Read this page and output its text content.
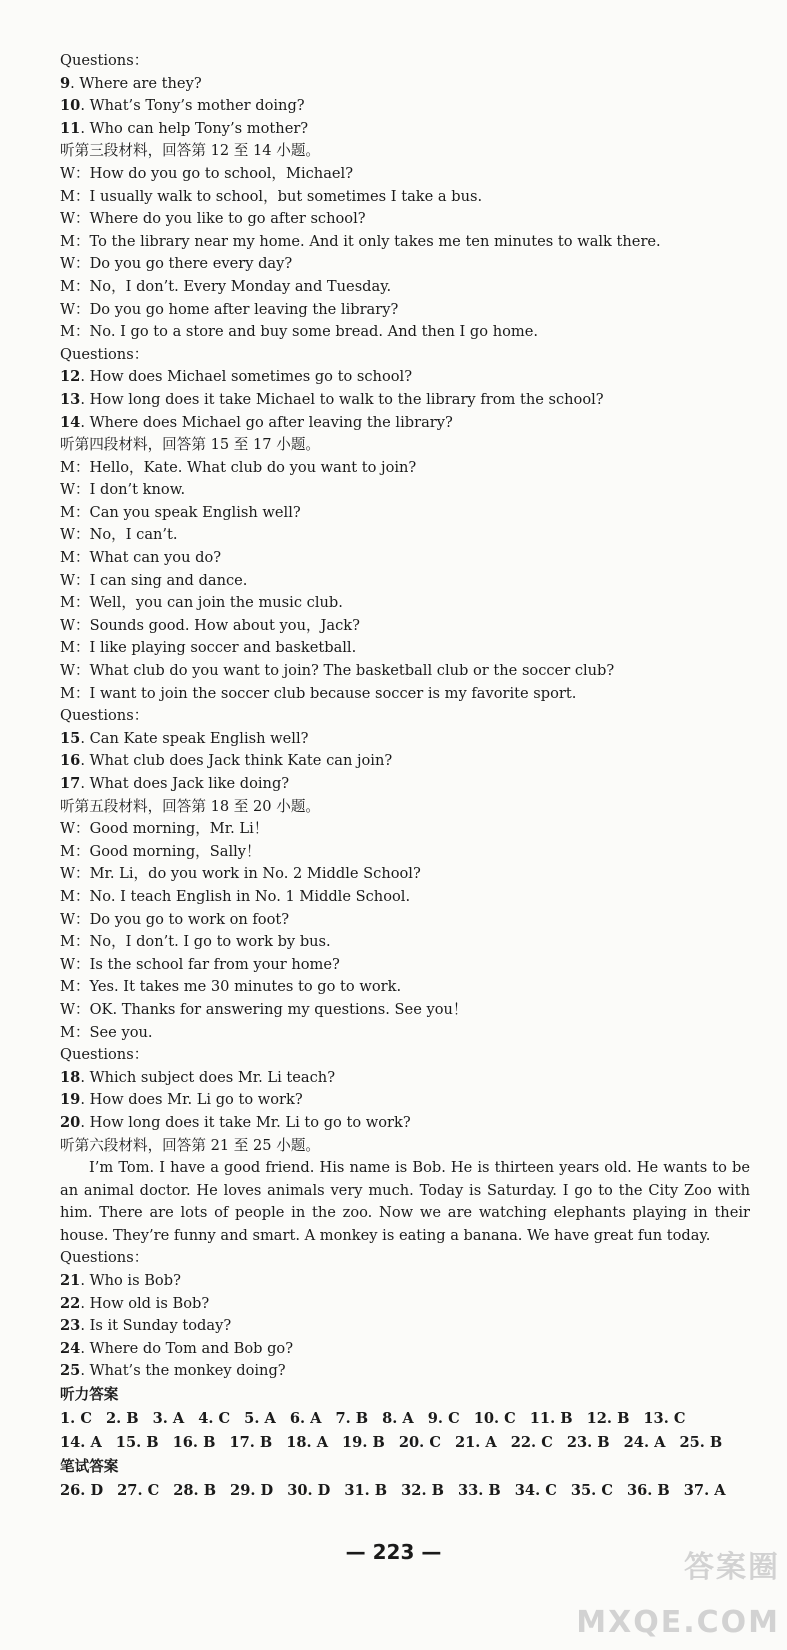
Questions：
9. Where are they?
10. What’s Tony’s mother doing?
11. Who can help Tony’s mother?
听第三段材料，回答第 12 至 14 小题。
W：How do you go to school，Michael?
M：I usually walk to school，but sometimes I take a bus.
W：Where do you like to go after school?
M：To the library near my home. And it only takes me ten minutes to walk there.
W：Do you go there every day?
M：No，I don’t. Every Monday and Tuesday.
W：Do you go home after leaving the library?
M：No. I go to a store and buy some bread. And then I go home.
Questions：
12. How does Michael sometimes go to school?
13. How long does it take Michael to walk to the library from the school?
14. Where does Michael go after leaving the library?
听第四段材料，回答第 15 至 17 小题。
M：Hello，Kate. What club do you want to join?
W：I don’t know.
M：Can you speak English well?
W：No，I can’t.
M：What can you do?
W：I can sing and dance.
M：Well，you can join the music club.
W：Sounds good. How about you，Jack?
M：I like playing soccer and basketball.
W：What club do you want to join? The basketball club or the soccer club?
M：I want to join the soccer club because soccer is my favorite sport.
Questions：
15. Can Kate speak English well?
16. What club does Jack think Kate can join?
17. What does Jack like doing?
听第五段材料，回答第 18 至 20 小题。
W：Good morning，Mr. Li！
M：Good morning，Sally！
W：Mr. Li，do you work in No. 2 Middle School?
M：No. I teach English in No. 1 Middle School.
W：Do you go to work on foot?
M：No，I don’t. I go to work by bus.
W：Is the school far from your home?
M：Yes. It takes me 30 minutes to go to work.
W：OK. Thanks for answering my questions. See you！
M：See you.
Questions：
18. Which subject does Mr. Li teach?
19. How does Mr. Li go to work?
20. How long does it take Mr. Li to go to work?
听第六段材料，回答第 21 至 25 小题。

I’m Tom. I have a good friend. His name is Bob. He is thirteen years old. He wants to be an animal doctor. He loves animals very much. Today is Saturday. I go to the City Zoo with him. There are lots of people in the zoo. Now we are watching elephants playing in their house. They’re funny and smart. A monkey is eating a banana. We have great fun today.

Questions：
21. Who is Bob?
22. How old is Bob?
23. Is it Sunday today?
24. Where do Tom and Bob go?
25. What’s the monkey doing?
听力答案
1. C 2. B 3. A 4. C 5. A 6. A 7. B 8. A 9. C 10. C 11. B 12. B 13. C
14. A 15. B 16. B 17. B 18. A 19. B 20. C 21. A 22. C 23. B 24. A 25. B
笔试答案
26. D 27. C 28. B 29. D 30. D 31. B 32. B 33. B 34. C 35. C 36. B 37. A
— 223 —	答案圈 MXQE.COM
